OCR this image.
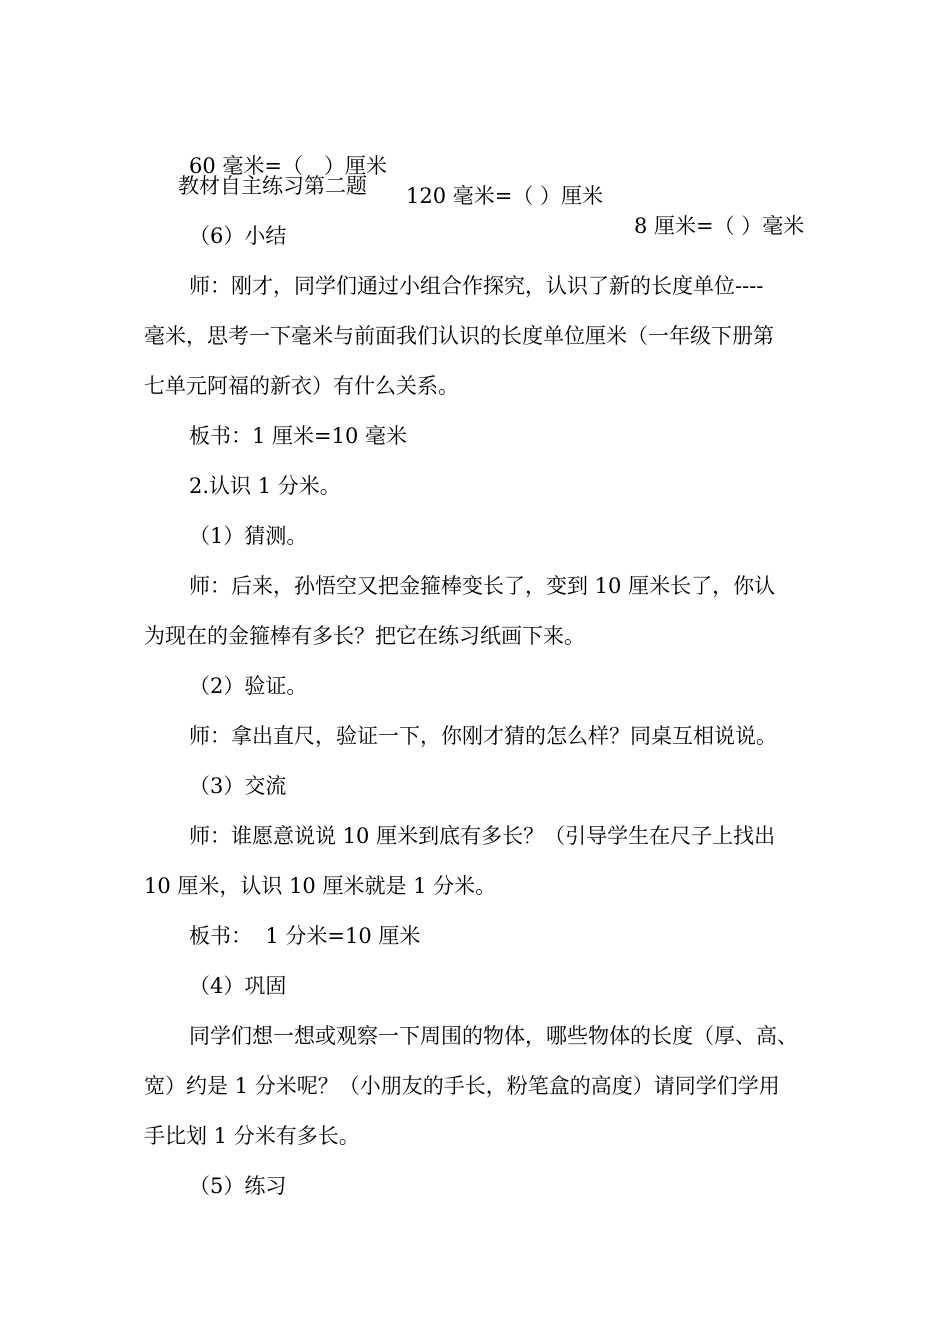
60 毫米=（　）厘米

120 毫米=（ ）厘米

8 厘米=（ ）毫米

教材自主练习第二题
（6）小结
师：刚才，同学们通过小组合作探究，认识了新的长度单位----
毫米，思考一下毫米与前面我们认识的长度单位厘米（一年级下册第
七单元阿福的新衣）有什么关系。
板书：1 厘米=10 毫米
2.认识 1 分米。
（1）猜测。
师：后来，孙悟空又把金箍棒变长了，变到 10 厘米长了，你认
为现在的金箍棒有多长？把它在练习纸画下来。
（2）验证。
师：拿出直尺，验证一下，你刚才猜的怎么样？同桌互相说说。
（3）交流
师：谁愿意说说 10 厘米到底有多长？（引导学生在尺子上找出
10 厘米，认识 10 厘米就是 1 分米。
板书：  1 分米=10 厘米
（4）巩固
同学们想一想或观察一下周围的物体，哪些物体的长度（厚、高、
宽）约是 1 分米呢？（小朋友的手长，粉笔盒的高度）请同学们学用
手比划 1 分米有多长。
（5）练习
